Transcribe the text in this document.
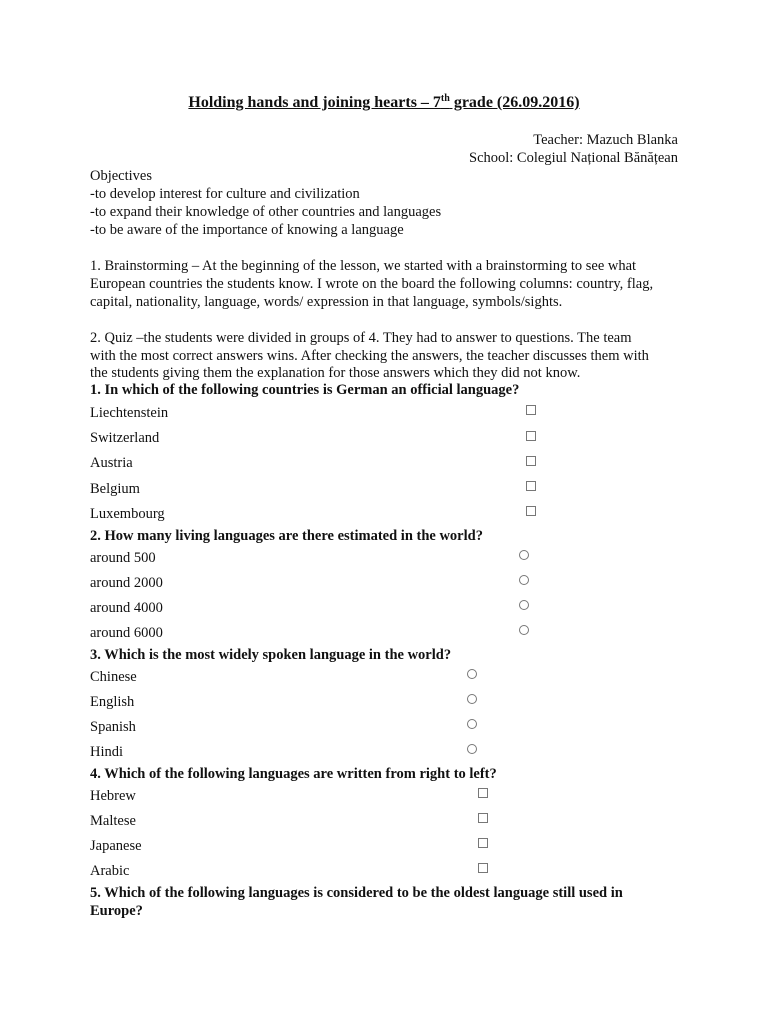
Holding hands and joining hearts – 7th grade (26.09.2016)
Teacher: Mazuch Blanka
School: Colegiul Național Bănățean
Objectives
-to develop interest for culture and civilization
-to expand their knowledge of other countries and languages
-to be aware of the importance of knowing a language
1. Brainstorming – At the beginning of the lesson, we started with a brainstorming to see what
European countries the students know. I wrote on the board the following columns: country, flag,
capital, nationality, language, words/ expression in that language, symbols/sights.
2. Quiz –the students were divided in groups of 4. They had to answer to questions. The team
with the most correct answers wins. After checking the answers, the teacher discusses them with
the students giving them the explanation for those answers which they did not know.
1. In which of the following countries is German an official language?
Liechtenstein
Switzerland
Austria
Belgium
Luxembourg
2. How many living languages are there estimated in the world?
around 500
around 2000
around 4000
around 6000
3. Which is the most widely spoken language in the world?
Chinese
English
Spanish
Hindi
4. Which of the following languages are written from right to left?
Hebrew
Maltese
Japanese
Arabic
5. Which of the following languages is considered to be the oldest language still used in
Europe?
